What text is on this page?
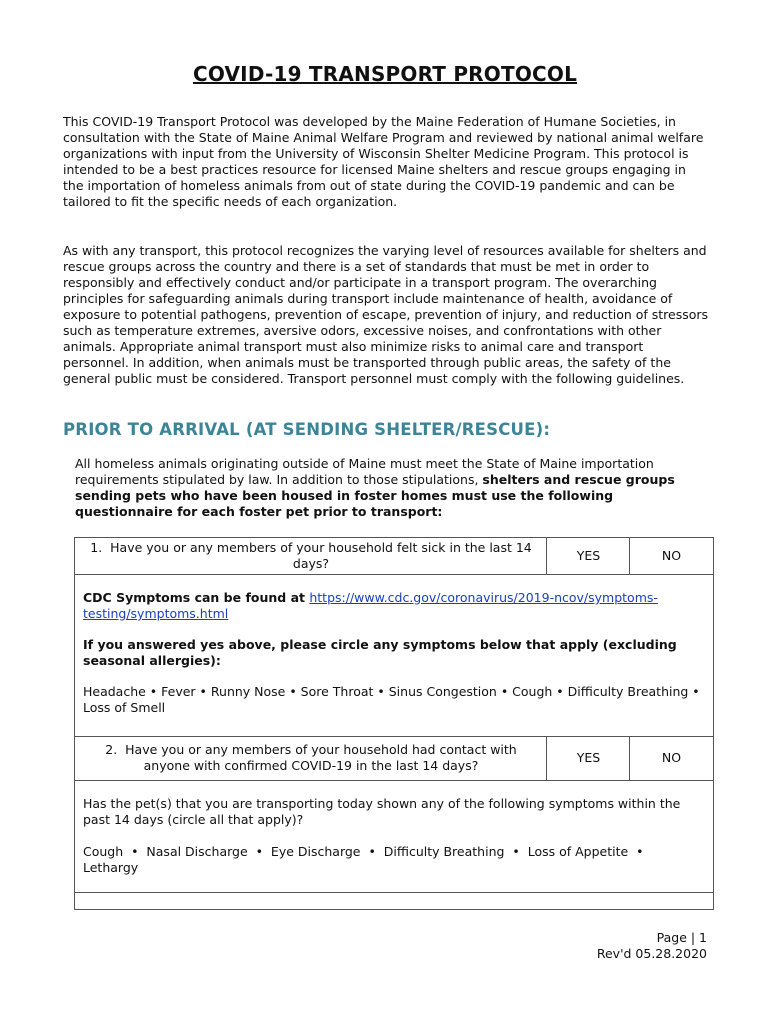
COVID-19 TRANSPORT PROTOCOL

This COVID-19 Transport Protocol was developed by the Maine Federation of Humane Societies, in consultation with the State of Maine Animal Welfare Program and reviewed by national animal welfare organizations with input from the University of Wisconsin Shelter Medicine Program. This protocol is intended to be a best practices resource for licensed Maine shelters and rescue groups engaging in the importation of homeless animals from out of state during the COVID-19 pandemic and can be tailored to fit the specific needs of each organization.

As with any transport, this protocol recognizes the varying level of resources available for shelters and rescue groups across the country and there is a set of standards that must be met in order to responsibly and effectively conduct and/or participate in a transport program. The overarching principles for safeguarding animals during transport include maintenance of health, avoidance of exposure to potential pathogens, prevention of escape, prevention of injury, and reduction of stressors such as temperature extremes, aversive odors, excessive noises, and confrontations with other animals. Appropriate animal transport must also minimize risks to animal care and transport personnel. In addition, when animals must be transported through public areas, the safety of the general public must be considered. Transport personnel must comply with the following guidelines.

PRIOR TO ARRIVAL (AT SENDING SHELTER/RESCUE):

All homeless animals originating outside of Maine must meet the State of Maine importation requirements stipulated by law. In addition to those stipulations, shelters and rescue groups sending pets who have been housed in foster homes must use the following questionnaire for each foster pet prior to transport:

1. Have you or any members of your household felt sick in the last 14 days?
YES	NO

CDC Symptoms can be found at https://www.cdc.gov/coronavirus/2019-ncov/symptoms-testing/symptoms.html

If you answered yes above, please circle any symptoms below that apply (excluding seasonal allergies):

Headache • Fever • Runny Nose • Sore Throat • Sinus Congestion • Cough • Difficulty Breathing • Loss of Smell

2. Have you or any members of your household had contact with anyone with confirmed COVID-19 in the last 14 days?
YES	NO

Has the pet(s) that you are transporting today shown any of the following symptoms within the past 14 days (circle all that apply)?

Cough  •  Nasal Discharge  •  Eye Discharge  •  Difficulty Breathing  •  Loss of Appetite  •  Lethargy

Page | 1
Rev'd 05.28.2020
